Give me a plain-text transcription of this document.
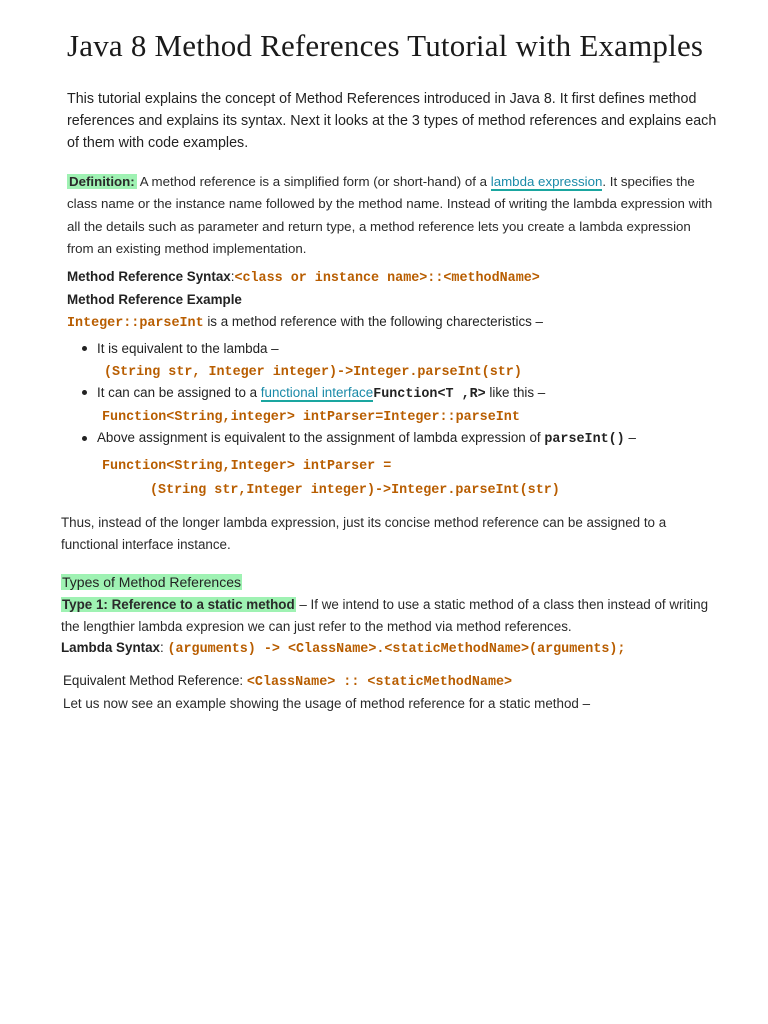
Java 8 Method References Tutorial with Examples
This tutorial explains the concept of Method References introduced in Java 8. It first defines method references and explains its syntax. Next it looks at the 3 types of method references and explains each of them with code examples.
Definition: A method reference is a simplified form (or short-hand) of a lambda expression. It specifies the class name or the instance name followed by the method name. Instead of writing the lambda expression with all the details such as parameter and return type, a method reference lets you create a lambda expression from an existing method implementation.
Method Reference Syntax:<class or instance name>::<methodName>
Method Reference Example
Integer::parseInt is a method reference with the following charecteristics –
It is equivalent to the lambda –
(String str, Integer integer)->Integer.parseInt(str)
It can can be assigned to a functional interfaceFunction<T ,R> like this –
Function<String,integer> intParser=Integer::parseInt
Above assignment is equivalent to the assignment of lambda expression of parseInt() –
Function<String,Integer> intParser =
(String str,Integer integer)->Integer.parseInt(str)
Thus, instead of the longer lambda expression, just its concise method reference can be assigned to a functional interface instance.
Types of Method References
Type 1: Reference to a static method – If we intend to use a static method of a class then instead of writing the lengthier lambda expresion we can just refer to the method via method references.
Lambda Syntax: (arguments) -> <ClassName>.<staticMethodName>(arguments);
Equivalent Method Reference: <ClassName> :: <staticMethodName>
Let us now see an example showing the usage of method reference for a static method –
